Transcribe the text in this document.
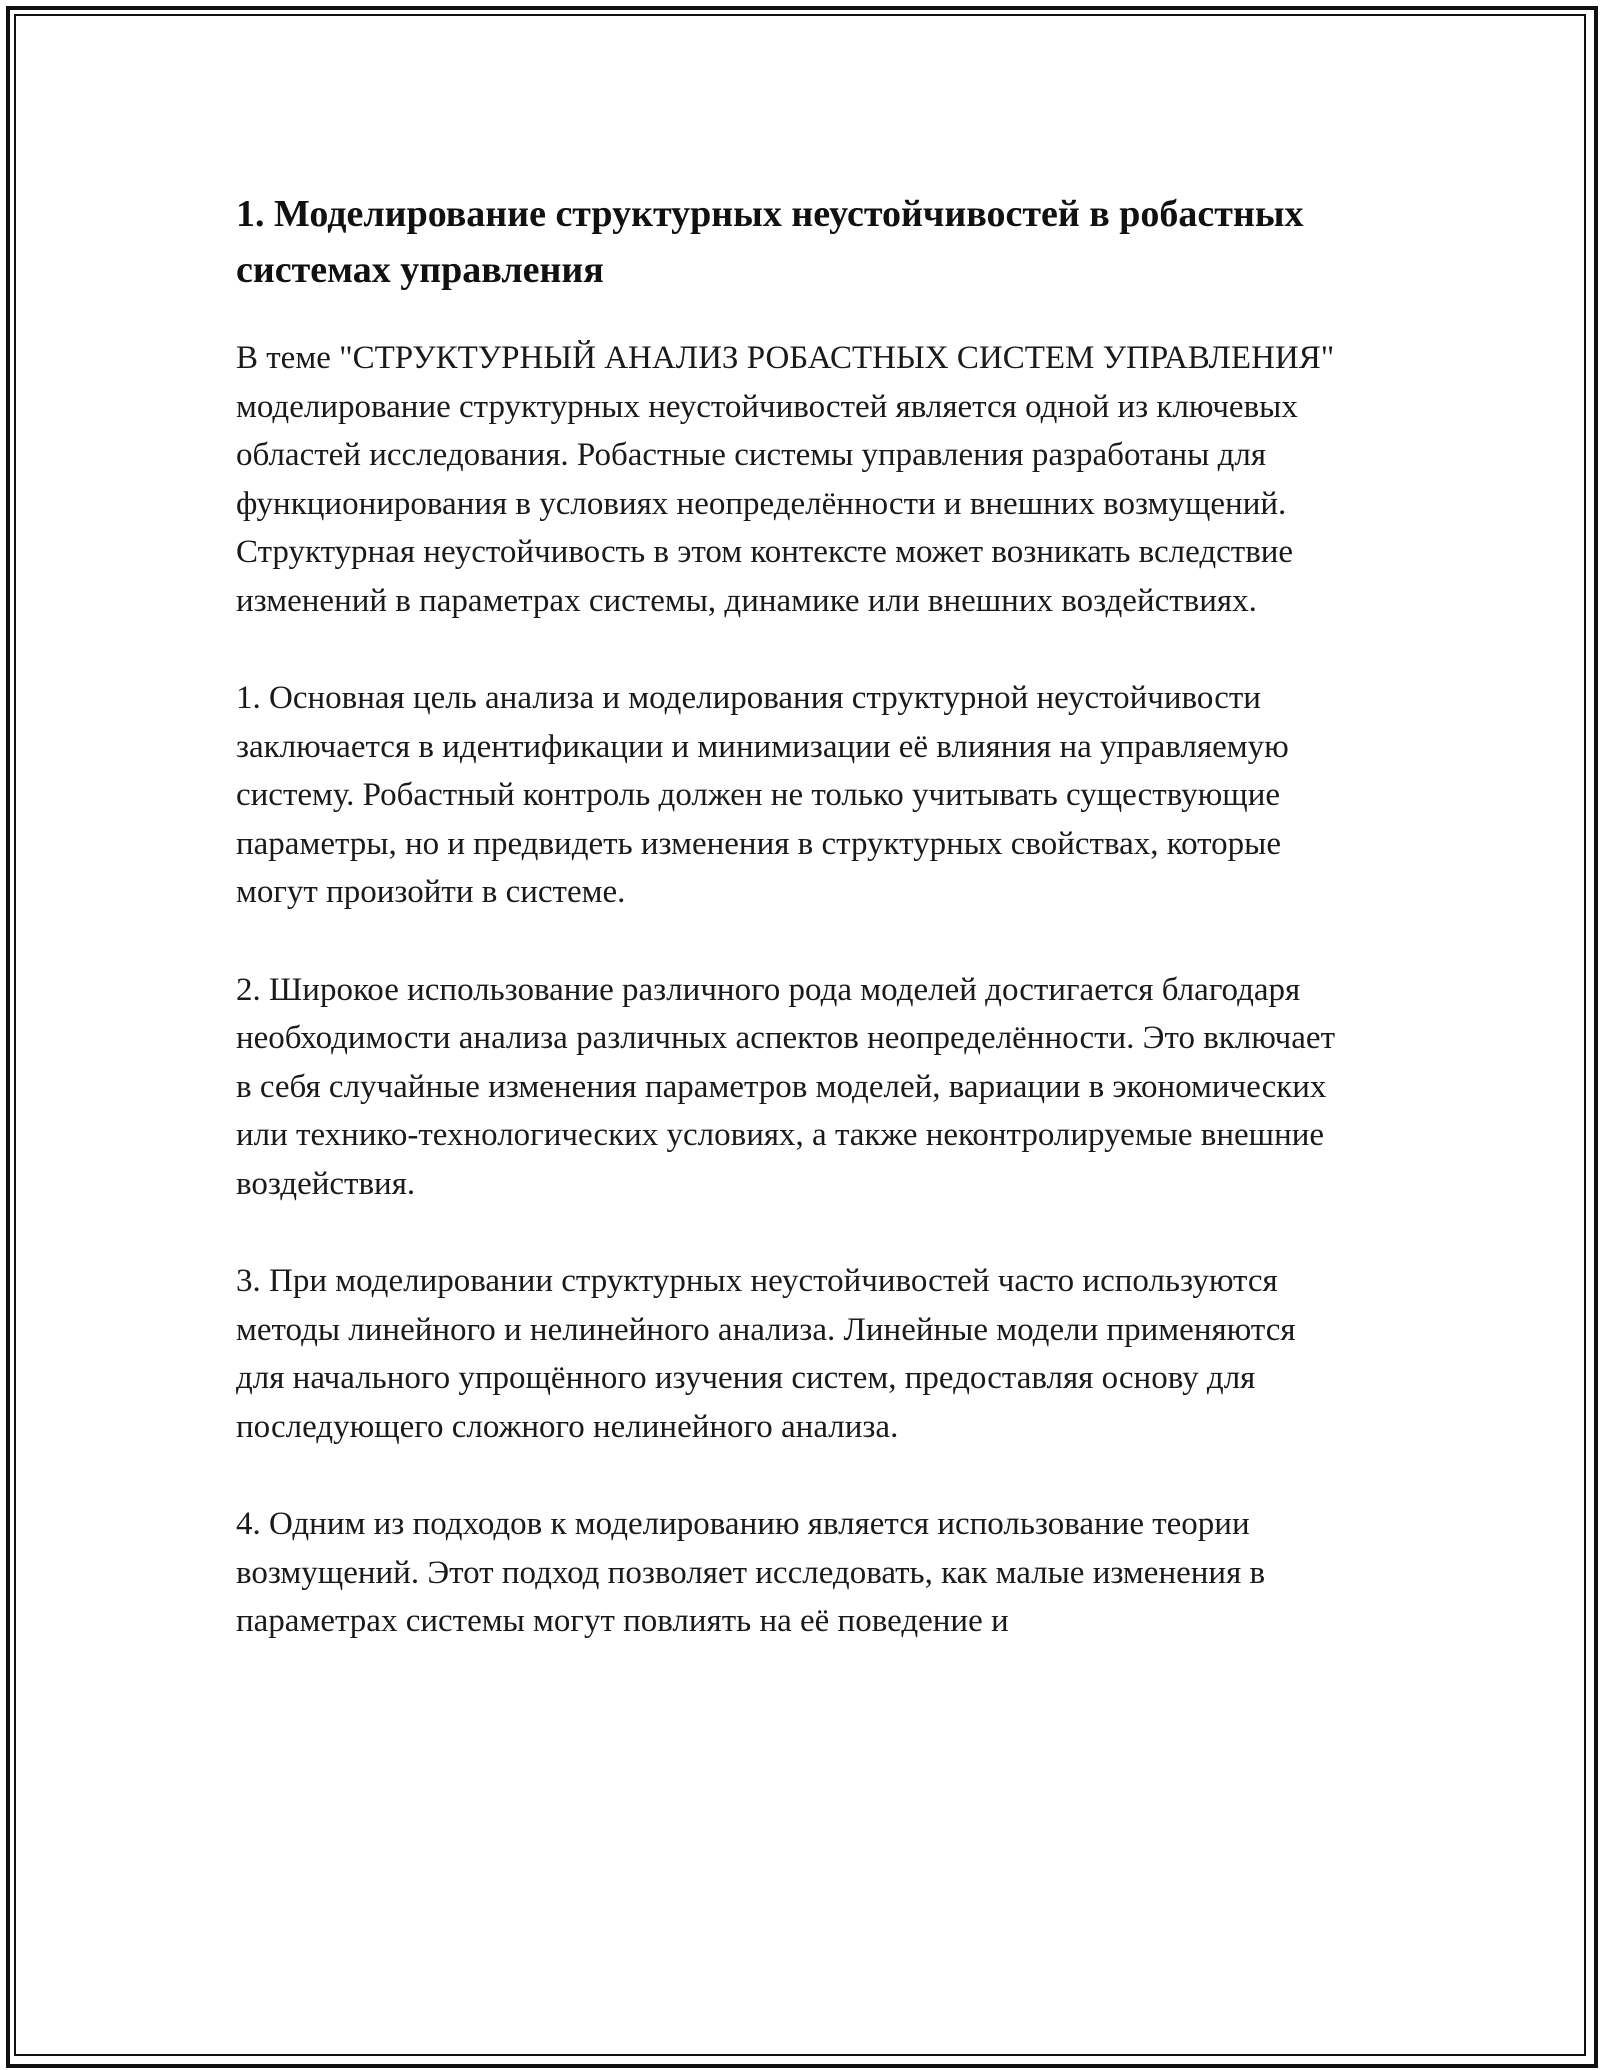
1. Моделирование структурных неустойчивостей в робастных системах управления

В теме "СТРУКТУРНЫЙ АНАЛИЗ РОБАСТНЫХ СИСТЕМ УПРАВЛЕНИЯ" моделирование структурных неустойчивостей является одной из ключевых областей исследования. Робастные системы управления разработаны для функционирования в условиях неопределённости и внешних возмущений. Структурная неустойчивость в этом контексте может возникать вследствие изменений в параметрах системы, динамике или внешних воздействиях.

1. Основная цель анализа и моделирования структурной неустойчивости заключается в идентификации и минимизации её влияния на управляемую систему. Робастный контроль должен не только учитывать существующие параметры, но и предвидеть изменения в структурных свойствах, которые могут произойти в системе.

2. Широкое использование различного рода моделей достигается благодаря необходимости анализа различных аспектов неопределённости. Это включает в себя случайные изменения параметров моделей, вариации в экономических или технико-технологических условиях, а также неконтролируемые внешние воздействия.

3. При моделировании структурных неустойчивостей часто используются методы линейного и нелинейного анализа. Линейные модели применяются для начального упрощённого изучения систем, предоставляя основу для последующего сложного нелинейного анализа.

4. Одним из подходов к моделированию является использование теории возмущений. Этот подход позволяет исследовать, как малые изменения в параметрах системы могут повлиять на её поведение и
